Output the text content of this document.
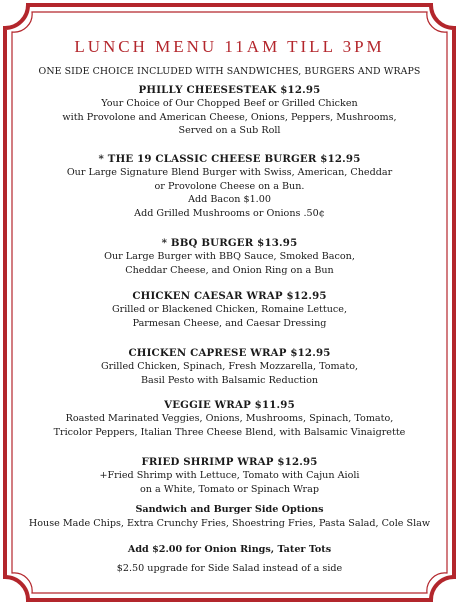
LUNCH MENU 11AM TILL 3PM
ONE SIDE CHOICE INCLUDED WITH SANDWICHES, BURGERS AND WRAPS
PHILLY CHEESESTEAK $12.95
Your Choice of Our Chopped Beef or Grilled Chicken
with Provolone and American Cheese, Onions, Peppers, Mushrooms,
Served on a Sub Roll
* THE 19 CLASSIC CHEESE BURGER $12.95
Our Large Signature Blend Burger with Swiss, American, Cheddar
or Provolone Cheese on a Bun.
Add Bacon $1.00
Add Grilled Mushrooms or Onions .50¢
* BBQ BURGER $13.95
Our Large Burger with BBQ Sauce, Smoked Bacon,
Cheddar Cheese, and Onion Ring on a Bun
CHICKEN CAESAR WRAP $12.95
Grilled or Blackened Chicken, Romaine Lettuce,
Parmesan Cheese, and Caesar Dressing
CHICKEN CAPRESE WRAP $12.95
Grilled Chicken, Spinach, Fresh Mozzarella, Tomato,
Basil Pesto with Balsamic Reduction
VEGGIE WRAP $11.95
Roasted Marinated Veggies, Onions, Mushrooms, Spinach, Tomato,
Tricolor Peppers, Italian Three Cheese Blend, with Balsamic Vinaigrette
FRIED SHRIMP WRAP $12.95
+Fried Shrimp with Lettuce, Tomato with Cajun Aioli
on a White, Tomato or Spinach Wrap
Sandwich and Burger Side Options
House Made Chips, Extra Crunchy Fries, Shoestring Fries, Pasta Salad, Cole Slaw
Add $2.00 for Onion Rings, Tater Tots
$2.50 upgrade for Side Salad instead of a side
